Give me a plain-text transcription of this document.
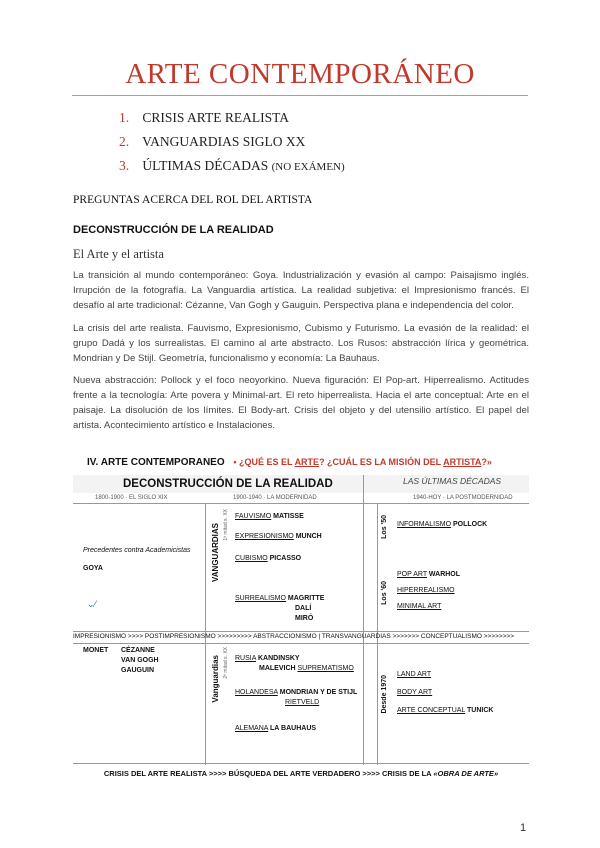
ARTE CONTEMPORÁNEO
1. CRISIS ARTE REALISTA
2. VANGUARDIAS SIGLO XX
3. ÚLTIMAS DÉCADAS (NO EXÁMEN)
PREGUNTAS ACERCA DEL ROL DEL ARTISTA
DECONSTRUCCIÓN DE LA REALIDAD
El Arte y el artista

La transición al mundo contemporáneo: Goya. Industrialización y evasión al campo: Paisajismo inglés. Irrupción de la fotografía. La Vanguardia artística. La realidad subjetiva: el Impresionismo francés. El desafío al arte tradicional: Cézanne, Van Gogh y Gauguin. Perspectiva plana e independencia del color.

La crisis del arte realista. Fauvismo, Expresionismo, Cubismo y Futurismo. La evasión de la realidad: el grupo Dadá y los surrealistas. El camino al arte abstracto. Los Rusos: abstracción lírica y geométrica. Mondrian y De Stijl. Geometría, funcionalismo y economía: La Bauhaus.

Nueva abstracción: Pollock y el foco neoyorkino. Nueva figuración: El Pop-art. Hiperrealismo. Actitudes frente a la tecnología: Arte povera y Minimal-art. El reto hiperrealista. Hacia el arte conceptual: Arte en el paisaje. La disolución de los límites. El Body-art. Crisis del objeto y del utensilio artístico. El papel del artista. Acontecimiento artístico e Instalaciones.

IV. ARTE CONTEMPORANEO • ¿QUÉ ES EL ARTE? ¿CUÁL ES LA MISIÓN DEL ARTISTA?»
DECONSTRUCCIÓN DE LA REALIDAD	LAS ÚLTIMAS DÉCADAS
1800-1900 · EL SIGLO XIX	1900-1940 · LA MODERNIDAD	1940-HOY · LA POSTMODERNIDAD
Precedentes contra Academicistas
GOYA
⌄⁄
MONET CÉZANNE
VAN GOGH
GAUGUIN
VANGUARDIAS 1ª mitad s. XX
Vanguardias 2ª mitad s. XX
Los '50
Los '60
Desde 1970
FAUVISMO MATISSE
EXPRESIONISMO MUNCH
CUBISMO PICASSO
SURREALISMO MAGRITTE
DALÍ
MIRÓ
RUSIA KANDINSKY
MALEVICH SUPREMATISMO
HOLANDESA MONDRIAN Y DE STIJL
RIETVELD
ALEMANA LA BAUHAUS
INFORMALISMO POLLOCK
POP ART WARHOL
HIPERREALISMO
MINIMAL ART
LAND ART
BODY ART
ARTE CONCEPTUAL TUNICK
IMPRESIONISMO >>>> POSTIMPRESIONISMO >>>>>>>>> ABSTRACCIONISMO | TRANSVANGUARDIAS >>>>>>> CONCEPTUALISMO >>>>>>>>
CRISIS DEL ARTE REALISTA >>>> BÚSQUEDA DEL ARTE VERDADERO >>>> CRISIS DE LA «OBRA DE ARTE»
1
